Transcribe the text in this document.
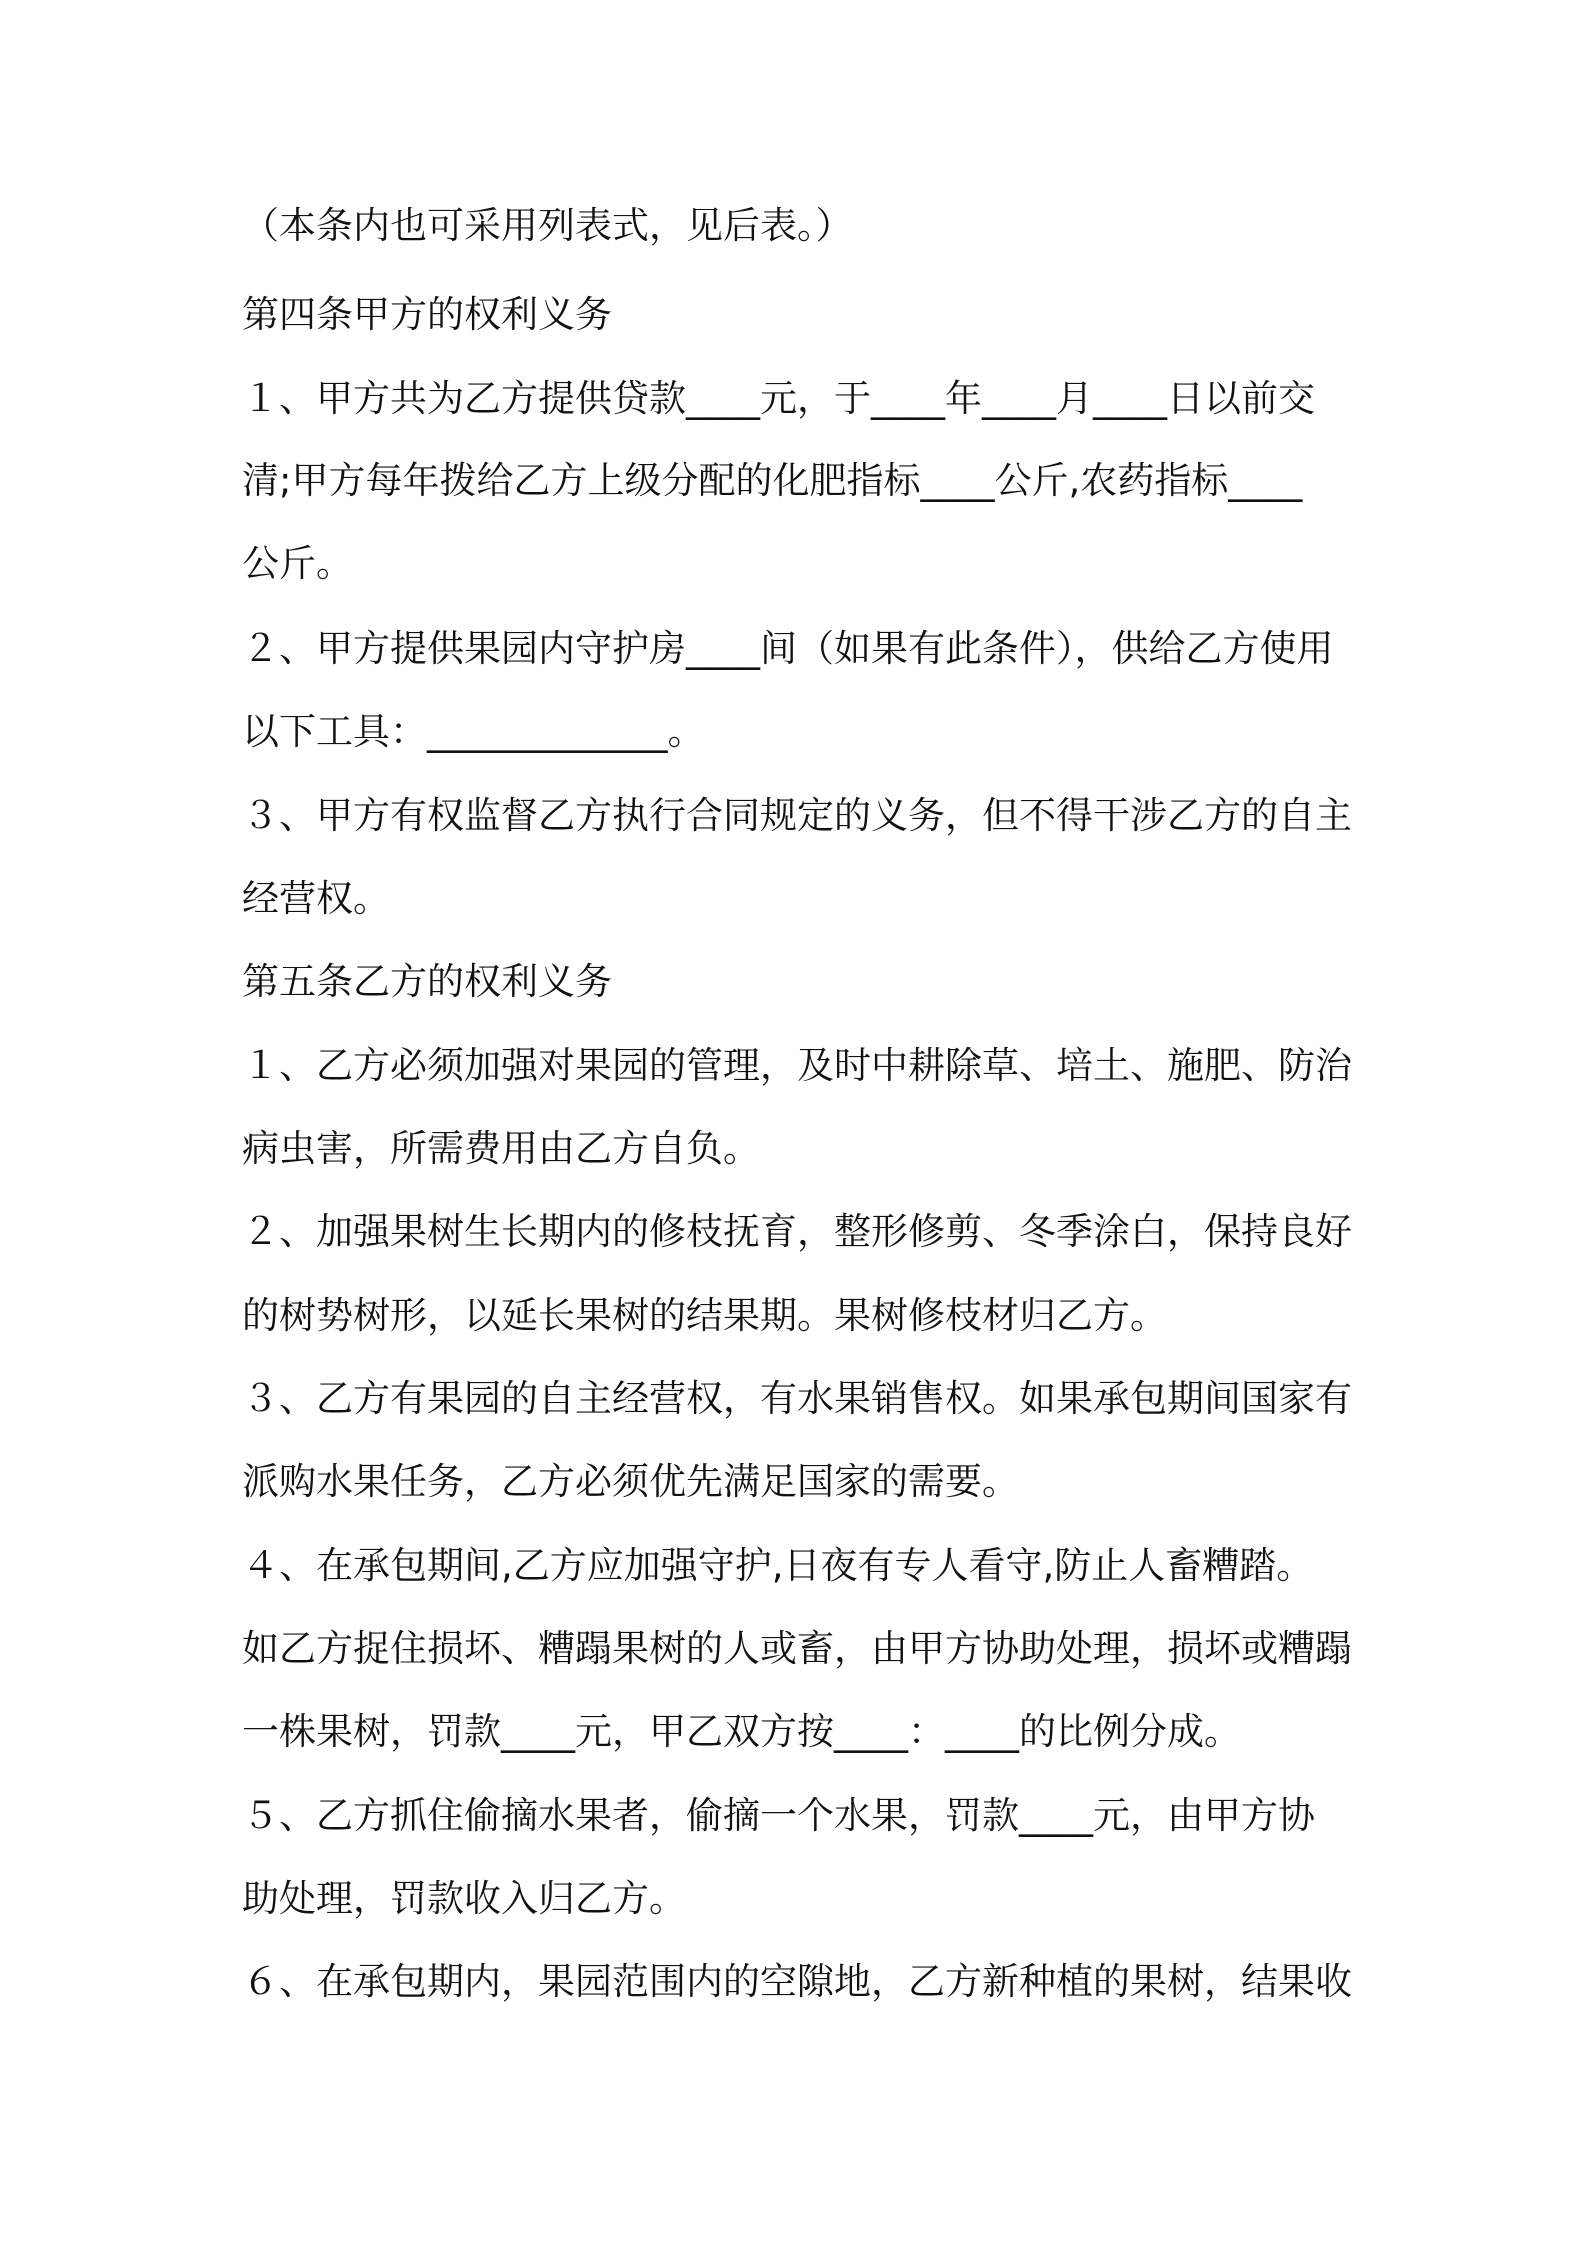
（本条内也可采用列表式，见后表。）

第四条甲方的权利义务

１、甲方共为乙方提供贷款____元，于____年____月____日以前交

清;甲方每年拨给乙方上级分配的化肥指标____公斤,农药指标____

公斤。

２、甲方提供果园内守护房____间（如果有此条件），供给乙方使用

以下工具：_____________。

３、甲方有权监督乙方执行合同规定的义务，但不得干涉乙方的自主

经营权。

第五条乙方的权利义务

１、乙方必须加强对果园的管理，及时中耕除草、培土、施肥、防治

病虫害，所需费用由乙方自负。

２、加强果树生长期内的修枝抚育，整形修剪、冬季涂白，保持良好

的树势树形，以延长果树的结果期。果树修枝材归乙方。

３、乙方有果园的自主经营权，有水果销售权。如果承包期间国家有

派购水果任务，乙方必须优先满足国家的需要。

４、在承包期间,乙方应加强守护,日夜有专人看守,防止人畜糟踏。

如乙方捉住损坏、糟蹋果树的人或畜，由甲方协助处理，损坏或糟蹋

一株果树，罚款____元，甲乙双方按____：____的比例分成。

５、乙方抓住偷摘水果者，偷摘一个水果，罚款____元，由甲方协

助处理，罚款收入归乙方。

６、在承包期内，果园范围内的空隙地，乙方新种植的果树，结果收
